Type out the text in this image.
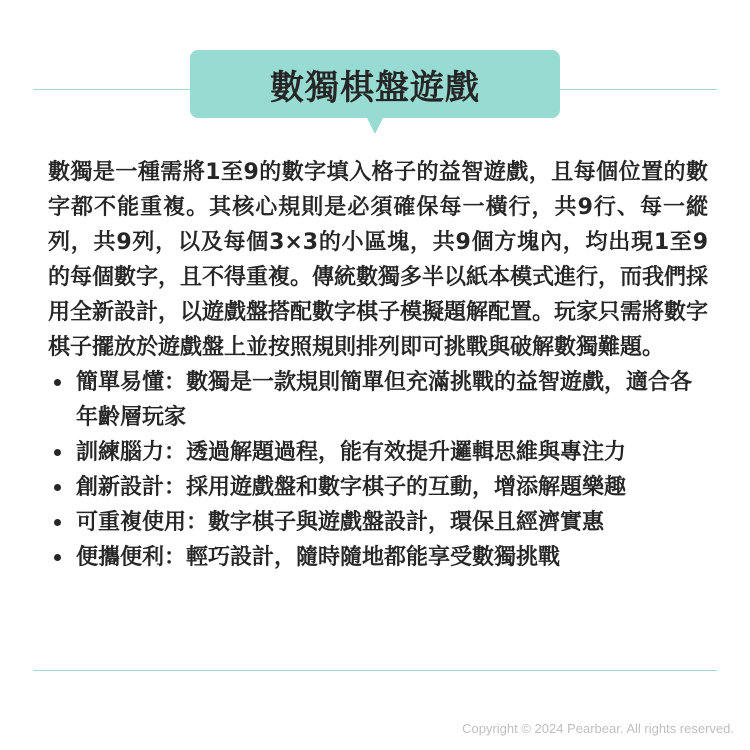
數獨棋盤遊戲

數獨是一種需將1至9的數字填入格子的益智遊戲，且每個位置的數字都不能重複。其核心規則是必須確保每一橫行，共9行、每一縱列，共9列，以及每個3×3的小區塊，共9個方塊內，均出現1至9的每個數字，且不得重複。傳統數獨多半以紙本模式進行，而我們採用全新設計，以遊戲盤搭配數字棋子模擬題解配置。玩家只需將數字棋子擺放於遊戲盤上並按照規則排列即可挑戰與破解數獨難題。

簡單易懂：數獨是一款規則簡單但充滿挑戰的益智遊戲，適合各年齡層玩家
訓練腦力：透過解題過程，能有效提升邏輯思維與專注力
創新設計：採用遊戲盤和數字棋子的互動，增添解題樂趣
可重複使用：數字棋子與遊戲盤設計，環保且經濟實惠
便攜便利：輕巧設計，隨時隨地都能享受數獨挑戰
Copyright © 2024 Pearbear. All rights reserved.
